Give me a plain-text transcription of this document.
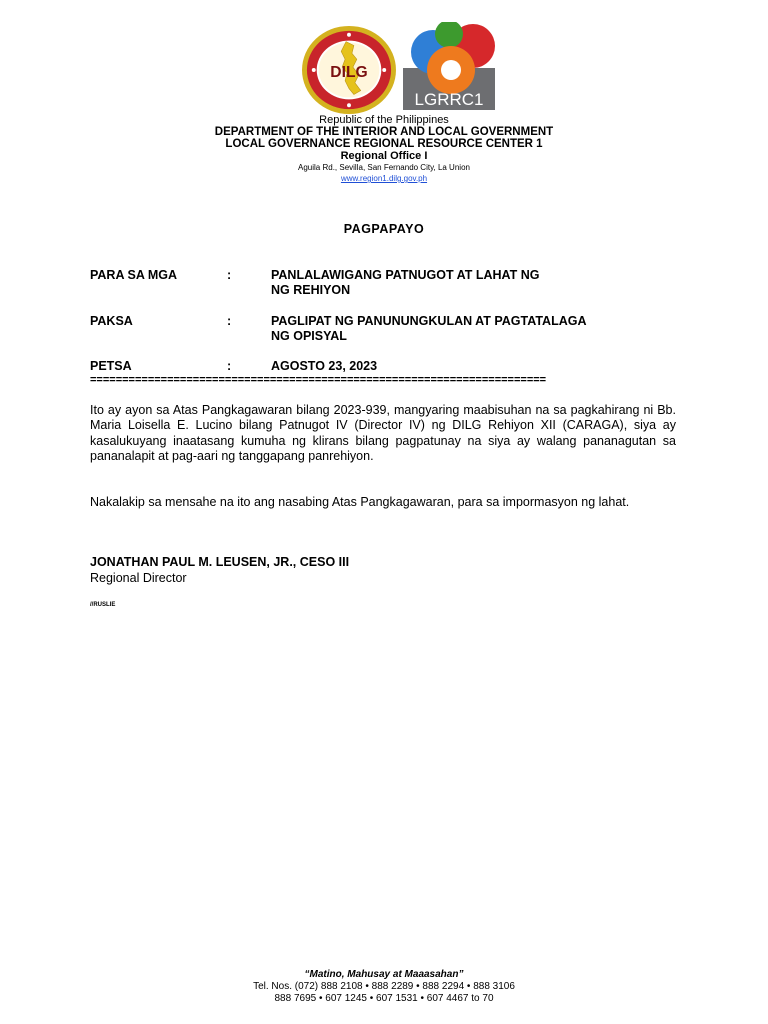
DILG
LGRRC1
Republic of the Philippines
DEPARTMENT OF THE INTERIOR AND LOCAL GOVERNMENT
LOCAL GOVERNANCE REGIONAL RESOURCE CENTER 1
Regional Office I
Aguila Rd., Sevilla, San Fernando City, La Union
www.region1.dilg.gov.ph
PAGPAPAYO
PARA SA MGA	:	PANLALAWIGANG PATNUGOT AT LAHAT NG
NG REHIYON
PAKSA	:	PAGLIPAT NG PANUNUNGKULAN AT PAGTATALAGA
NG OPISYAL
PETSA	:	AGOSTO 23, 2023
=======================================================================
Ito ay ayon sa Atas Pangkagawaran bilang 2023-939, mangyaring maabisuhan na sa pagkahirang ni Bb. Maria Loisella E. Lucino bilang Patnugot IV (Director IV) ng DILG Rehiyon XII (CARAGA), siya ay kasalukuyang inaatasang kumuha ng klirans bilang pagpatunay na siya ay walang pananagutan sa pananalapit at pag-aari ng tanggapang panrehiyon.
Nakalakip sa mensahe na ito ang nasabing Atas Pangkagawaran, para sa impormasyon ng lahat.
JONATHAN PAUL M. LEUSEN, JR., CESO III
Regional Director
//RUSLIE
“Matino, Mahusay at Maaasahan”
Tel. Nos. (072) 888 2108 • 888 2289 • 888 2294 • 888 3106
888 7695 • 607 1245 • 607 1531 • 607 4467 to 70
